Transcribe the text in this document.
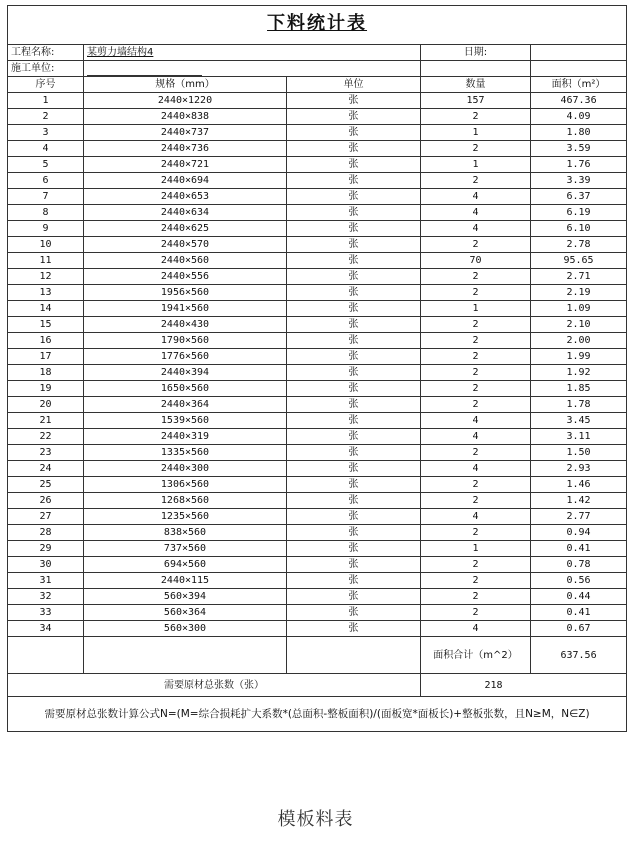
下料统计表				
工程名称:	某剪力墙结构4		日期:	
施工单位:				
序号	规格（mm）	单位	数量	面积（m²）
1	2440×1220	张	157	467.36
2	2440×838	张	2	4.09
3	2440×737	张	1	1.80
4	2440×736	张	2	3.59
5	2440×721	张	1	1.76
6	2440×694	张	2	3.39
7	2440×653	张	4	6.37
8	2440×634	张	4	6.19
9	2440×625	张	4	6.10
10	2440×570	张	2	2.78
11	2440×560	张	70	95.65
12	2440×556	张	2	2.71
13	1956×560	张	2	2.19
14	1941×560	张	1	1.09
15	2440×430	张	2	2.10
16	1790×560	张	2	2.00
17	1776×560	张	2	1.99
18	2440×394	张	2	1.92
19	1650×560	张	2	1.85
20	2440×364	张	2	1.78
21	1539×560	张	4	3.45
22	2440×319	张	4	3.11
23	1335×560	张	2	1.50
24	2440×300	张	4	2.93
25	1306×560	张	2	1.46
26	1268×560	张	2	1.42
27	1235×560	张	4	2.77
28	838×560	张	2	0.94
29	737×560	张	1	0.41
30	694×560	张	2	0.78
31	2440×115	张	2	0.56
32	560×394	张	2	0.44
33	560×364	张	2	0.41
34	560×300	张	4	0.67
			面积合计（m^2）	637.56
需要原材总张数（张）			218	
需要原材总张数计算公式N=(M=综合损耗扩大系数*(总面积-整板面积)/(面板宽*面板长)+整板张数，且N≥M，N∈Z)				
模板料表
